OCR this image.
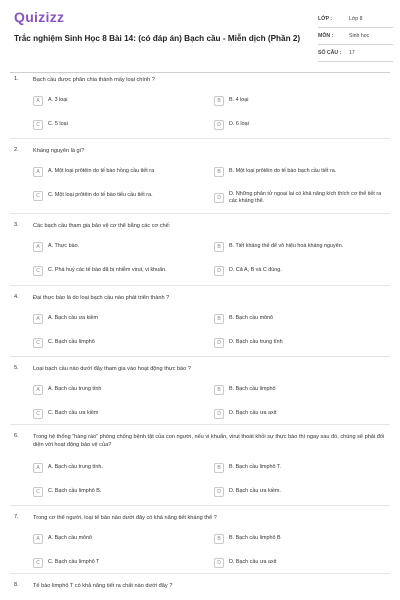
Quizizz
Trắc nghiệm Sinh Học 8 Bài 14: (có đáp án) Bạch cầu - Miễn dịch (Phần 2)
LỚP :	Lớp 8
MÔN :	Sinh học
SỐ CÂU :	17
1.	Bạch cầu được phân chia thành mấy loại chính ?
A	A. 3 loại	B	B. 4 loại
C	C. 5 loại	D	D. 6 loại
2.	Kháng nguyên là gì?
A	A. Một loại prôtêin do tế bào hồng cầu tiết ra	B	B. Một loại prôtêin do tế bào bạch cầu tiết ra.
C	C. Một loại prôtêin do tế bào tiểu cầu tiết ra.	D
D. Những phân tử ngoại lai có khả năng kích thích cơ thể tiết ra các kháng thể.
3.	Các bạch cầu tham gia bảo vệ cơ thể bằng các cơ chế:
A	A. Thực bào.	B	B. Tiết kháng thể để vô hiệu hoá kháng nguyên.
C	C. Phá huỷ các tế bào đã bị nhiễm virut, vi khuẩn.	D	D. Cả A, B và C đúng.
4.	Đại thực bào là do loại bạch cầu nào phát triển thành ?
A	A. Bạch cầu ưa kiềm	B	B. Bạch cầu mônô
C	C. Bạch cầu limphô	D	D. Bạch cầu trung tính
5.	Loại bạch cầu nào dưới đây tham gia vào hoạt động thực bào ?
A	A. Bạch cầu trung tính	B	B. Bạch cầu limphô
C	C. Bạch cầu ưa kiềm	D	D. Bạch cầu ưa axit
6.	Trong hệ thống “hàng rào” phòng chống bệnh tật của con người, nếu vi khuẩn, virut thoát khỏi sự thực bào thì ngay sau đó, chúng sẽ phải đối diện với hoạt động bảo vệ của?
A	A. Bạch cầu trung tính.	B	B. Bạch cầu limphô T.
C	C. Bạch cầu limphô B.	D	D. Bạch cầu ưa kiềm.
7.	Trong cơ thể người, loại tế bào nào dưới đây có khả năng tiết kháng thể ?
A	A. Bạch cầu mônô	B	B. Bạch cầu limphô B
C	C. Bạch cầu limphô T	D	D. Bạch cầu ưa axit
8.	Tế bào limphô T có khả năng tiết ra chất nào dưới đây ?
